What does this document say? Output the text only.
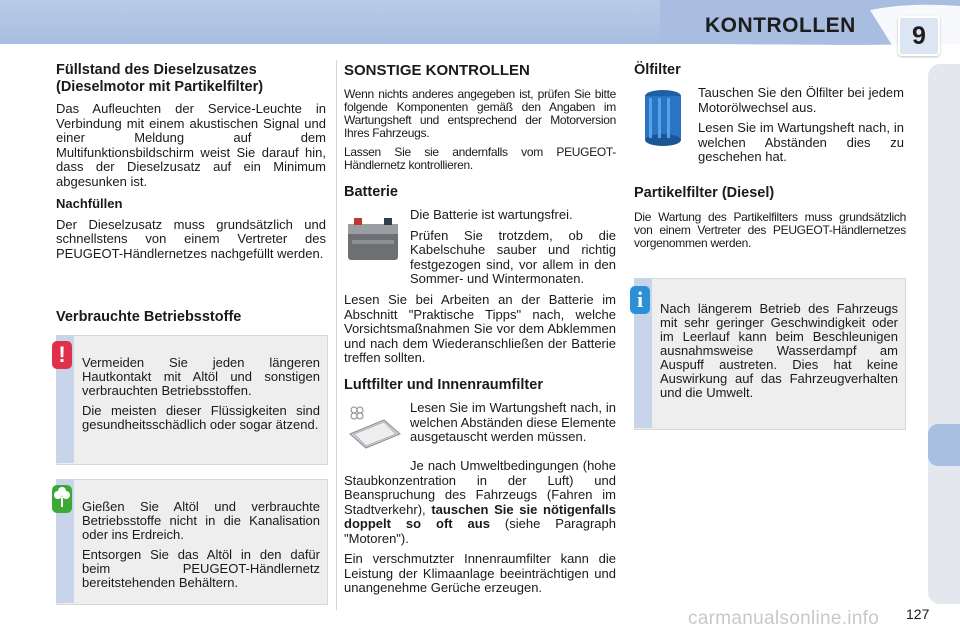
KONTROLLEN	9
Füllstand des Dieselzusatzes
(Dieselmotor mit Partikelfilter)

Das Aufleuchten der Service-Leuchte in Verbindung mit einem akustischen Signal und einer Meldung auf dem Multifunktionsbildschirm weist Sie darauf hin, dass der Dieselzusatz auf ein Minimum abgesunken ist.

Nachfüllen

Der Dieselzusatz muss grundsätzlich und schnellstens von einem Vertreter des PEUGEOT-Händlernetzes nachgefüllt werden.

Verbrauchte Betriebsstoffe
!	Vermeiden Sie jeden längeren Hautkontakt mit Altöl und sonstigen verbrauchten Betriebsstoffen.

Die meisten dieser Flüssigkeiten sind gesundheitsschädlich oder sogar ätzend.

Gießen Sie Altöl und verbrauchte Betriebsstoffe nicht in die Kanalisation oder ins Erdreich.

Entsorgen Sie das Altöl in den dafür beim PEUGEOT-Händlernetz bereitstehenden Behältern.

SONSTIGE KONTROLLEN

Wenn nichts anderes angegeben ist, prüfen Sie bitte folgende Komponenten gemäß den Angaben im Wartungsheft und entsprechend der Motorversion Ihres Fahrzeugs.

Lassen Sie sie andernfalls vom PEUGEOT-Händlernetz kontrollieren.

Batterie

Die Batterie ist wartungsfrei.

Prüfen Sie trotzdem, ob die Kabelschuhe sauber und richtig festgezogen sind, vor allem in den Sommer- und Wintermonaten.

Lesen Sie bei Arbeiten an der Batterie im Abschnitt "Praktische Tipps" nach, welche Vorsichtsmaßnahmen Sie vor dem Abklemmen und nach dem Wiederanschließen der Batterie treffen sollten.

Luftfilter und Innenraumfilter

Lesen Sie im Wartungsheft nach, in welchen Abständen diese Elemente ausgetauscht werden müssen.

Je nach Umweltbedingungen (hohe Staubkonzentration in der Luft) und Beanspruchung des Fahrzeugs (Fahren im Stadtverkehr), tauschen Sie sie nötigenfalls doppelt so oft aus (siehe Paragraph "Motoren").

Ein verschmutzter Innenraumfilter kann die Leistung der Klimaanlage beeinträchtigen und unangenehme Gerüche erzeugen.

Ölfilter

Tauschen Sie den Ölfilter bei jedem Motorölwechsel aus.

Lesen Sie im Wartungsheft nach, in welchen Abständen dies zu geschehen hat.

Partikelfilter (Diesel)

Die Wartung des Partikelfilters muss grundsätzlich von einem Vertreter des PEUGEOT-Händlernetzes vorgenommen werden.

i	Nach längerem Betrieb des Fahrzeugs mit sehr geringer Geschwindigkeit oder im Leerlauf kann beim Beschleunigen ausnahmsweise Wasserdampf am Auspuff austreten. Dies hat keine Auswirkung auf das Fahrzeugverhalten und die Umwelt.

carmanualsonline.info 127
